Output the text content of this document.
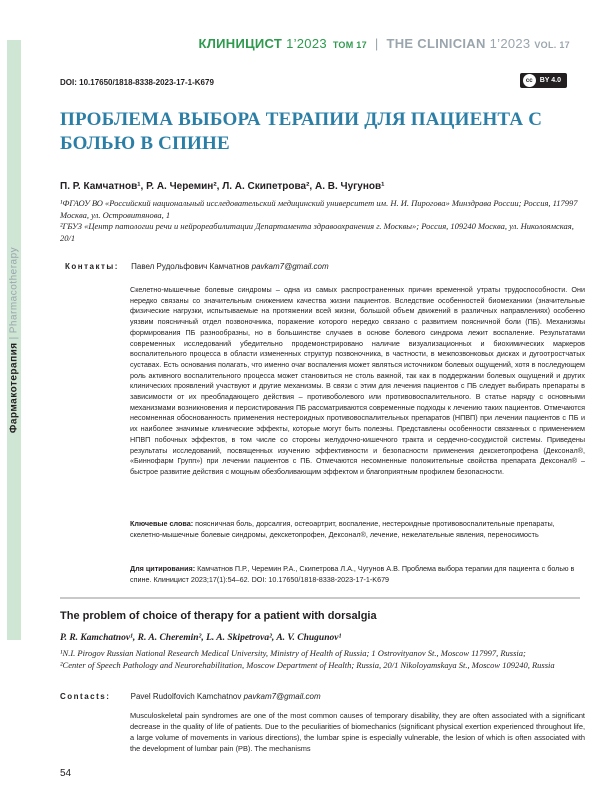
Фармакотерапия|Pharmacotherapy
КЛИНИЦИСТ 1’2023 ТОМ 17 | THE CLINICIAN 1’2023 VOL. 17
DOI: 10.17650/1818-8338-2023-17-1-K679	cc	BY 4.0
ПРОБЛЕМА ВЫБОРА ТЕРАПИИ ДЛЯ ПАЦИЕНТА С БОЛЬЮ В СПИНЕ
П. Р. Камчатнов¹, Р. А. Черемин², Л. А. Скипетрова², А. В. Чугунов¹

¹ФГАОУ ВО «Российский национальный исследовательский медицинский университет им. Н. И. Пирогова» Минздрава России; Россия, 117997 Москва, ул. Островитянова, 1

²ГБУЗ «Центр патологии речи и нейрореабилитации Департамента здравоохранения г. Москвы»; Россия, 109240 Москва, ул. Николоямская, 20/1

Контакты: Павел Рудольфович Камчатнов pavkam7@gmail.com

Скелетно-мышечные болевые синдромы – одна из самых распространенных причин временной утраты трудоспособности. Они нередко связаны со значительным снижением качества жизни пациентов. Вследствие особенностей биомеханики (значительные физические нагрузки, испытываемые на протяжении всей жизни, большой объем движений в различных направлениях) особенно уязвим поясничный отдел позвоночника, поражение которого нередко связано с развитием поясничной боли (ПБ). Механизмы формирования ПБ разнообразны, но в большинстве случаев в основе болевого синдрома лежит воспаление. Результатами современных исследований убедительно продемонстрировано наличие визуализационных и биохимических маркеров воспалительного процесса в области измененных структур позвоночника, в частности, в межпозвонковых дисках и дугоотростчатых суставах. Есть основания полагать, что именно очаг воспаления может являться источником болевых ощущений, хотя в последующем роль активного воспалительного процесса может становиться не столь важной, так как в поддержании болевых ощущений и других клинических проявлений участвуют и другие механизмы. В связи с этим для лечения пациентов с ПБ следует выбирать препараты в зависимости от их преобладающего действия – противоболевого или противовоспалительного. В статье наряду с основными механизмами возникновения и персистирования ПБ рассматриваются современные подходы к лечению таких пациентов. Отмечаются несомненная обоснованность применения нестероидных противовоспалительных препаратов (НПВП) при лечении пациентов с ПБ и их наиболее значимые клинические эффекты, которые могут быть полезны. Представлены особенности связанных с применением НПВП побочных эффектов, в том числе со стороны желудочно-кишечного тракта и сердечно-сосудистой системы. Приведены результаты исследований, посвященных изучению эффективности и безопасности применения декскетопрофена (Дексонал®, «Биннофарм Групп») при лечении пациентов с ПБ. Отмечаются несомненные положительные свойства препарата Дексонал® – быстрое развитие действия с мощным обезболивающим эффектом и благоприятным профилем безопасности.

Ключевые слова: поясничная боль, дорсалгия, остеоартрит, воспаление, нестероидные противовоспалительные препараты, скелетно-мышечные болевые синдромы, декскетопрофен, Дексонал®, лечение, нежелательные явления, переносимость

Для цитирования: Камчатнов П.Р., Черемин Р.А., Скипетрова Л.А., Чугунов А.В. Проблема выбора терапии для пациента с болью в спине. Клиницист 2023;17(1):54–62. DOI: 10.17650/1818-8338-2023-17-1-K679

The problem of choice of therapy for a patient with dorsalgia
P. R. Kamchatnov¹, R. A. Cheremin², L. A. Skipetrova², A. V. Chugunov¹

¹N.I. Pirogov Russian National Research Medical University, Ministry of Health of Russia; 1 Ostrovityanov St., Moscow 117997, Russia;

²Center of Speech Pathology and Neurorehabilitation, Moscow Department of Health; Russia, 20/1 Nikoloyamskaya St., Moscow 109240, Russia

Contacts:	Pavel Rudolfovich Kamchatnov pavkam7@gmail.com

Musculoskeletal pain syndromes are one of the most common causes of temporary disability, they are often associated with a significant decrease in the quality of life of patients. Due to the peculiarities of biomechanics (significant physical exertion experienced throughout life, a large volume of movements in various directions), the lumbar spine is especially vulnerable, the lesion of which is often associated with the development of lumbar pain (PB). The mechanisms

54
